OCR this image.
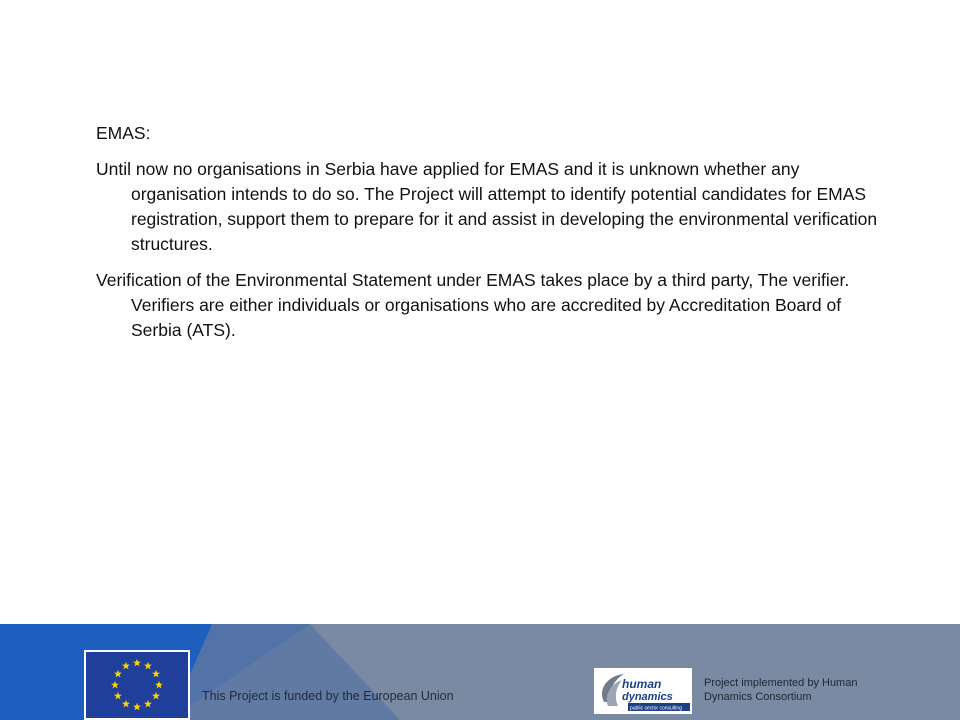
EMAS:

Until now no organisations in Serbia have applied for EMAS and it is unknown whether any organisation intends to do so. The Project will attempt to identify potential candidates for EMAS registration, support them to prepare for it and assist in developing the environmental verification structures.

Verification of the Environmental Statement under EMAS takes place by a third party, The verifier. Verifiers are either individuals or organisations who are accredited by Accreditation Board of Serbia (ATS).

This Project is funded by the European Union
human
dynamics
public sector consulting
Project implemented by Human Dynamics Consortium
